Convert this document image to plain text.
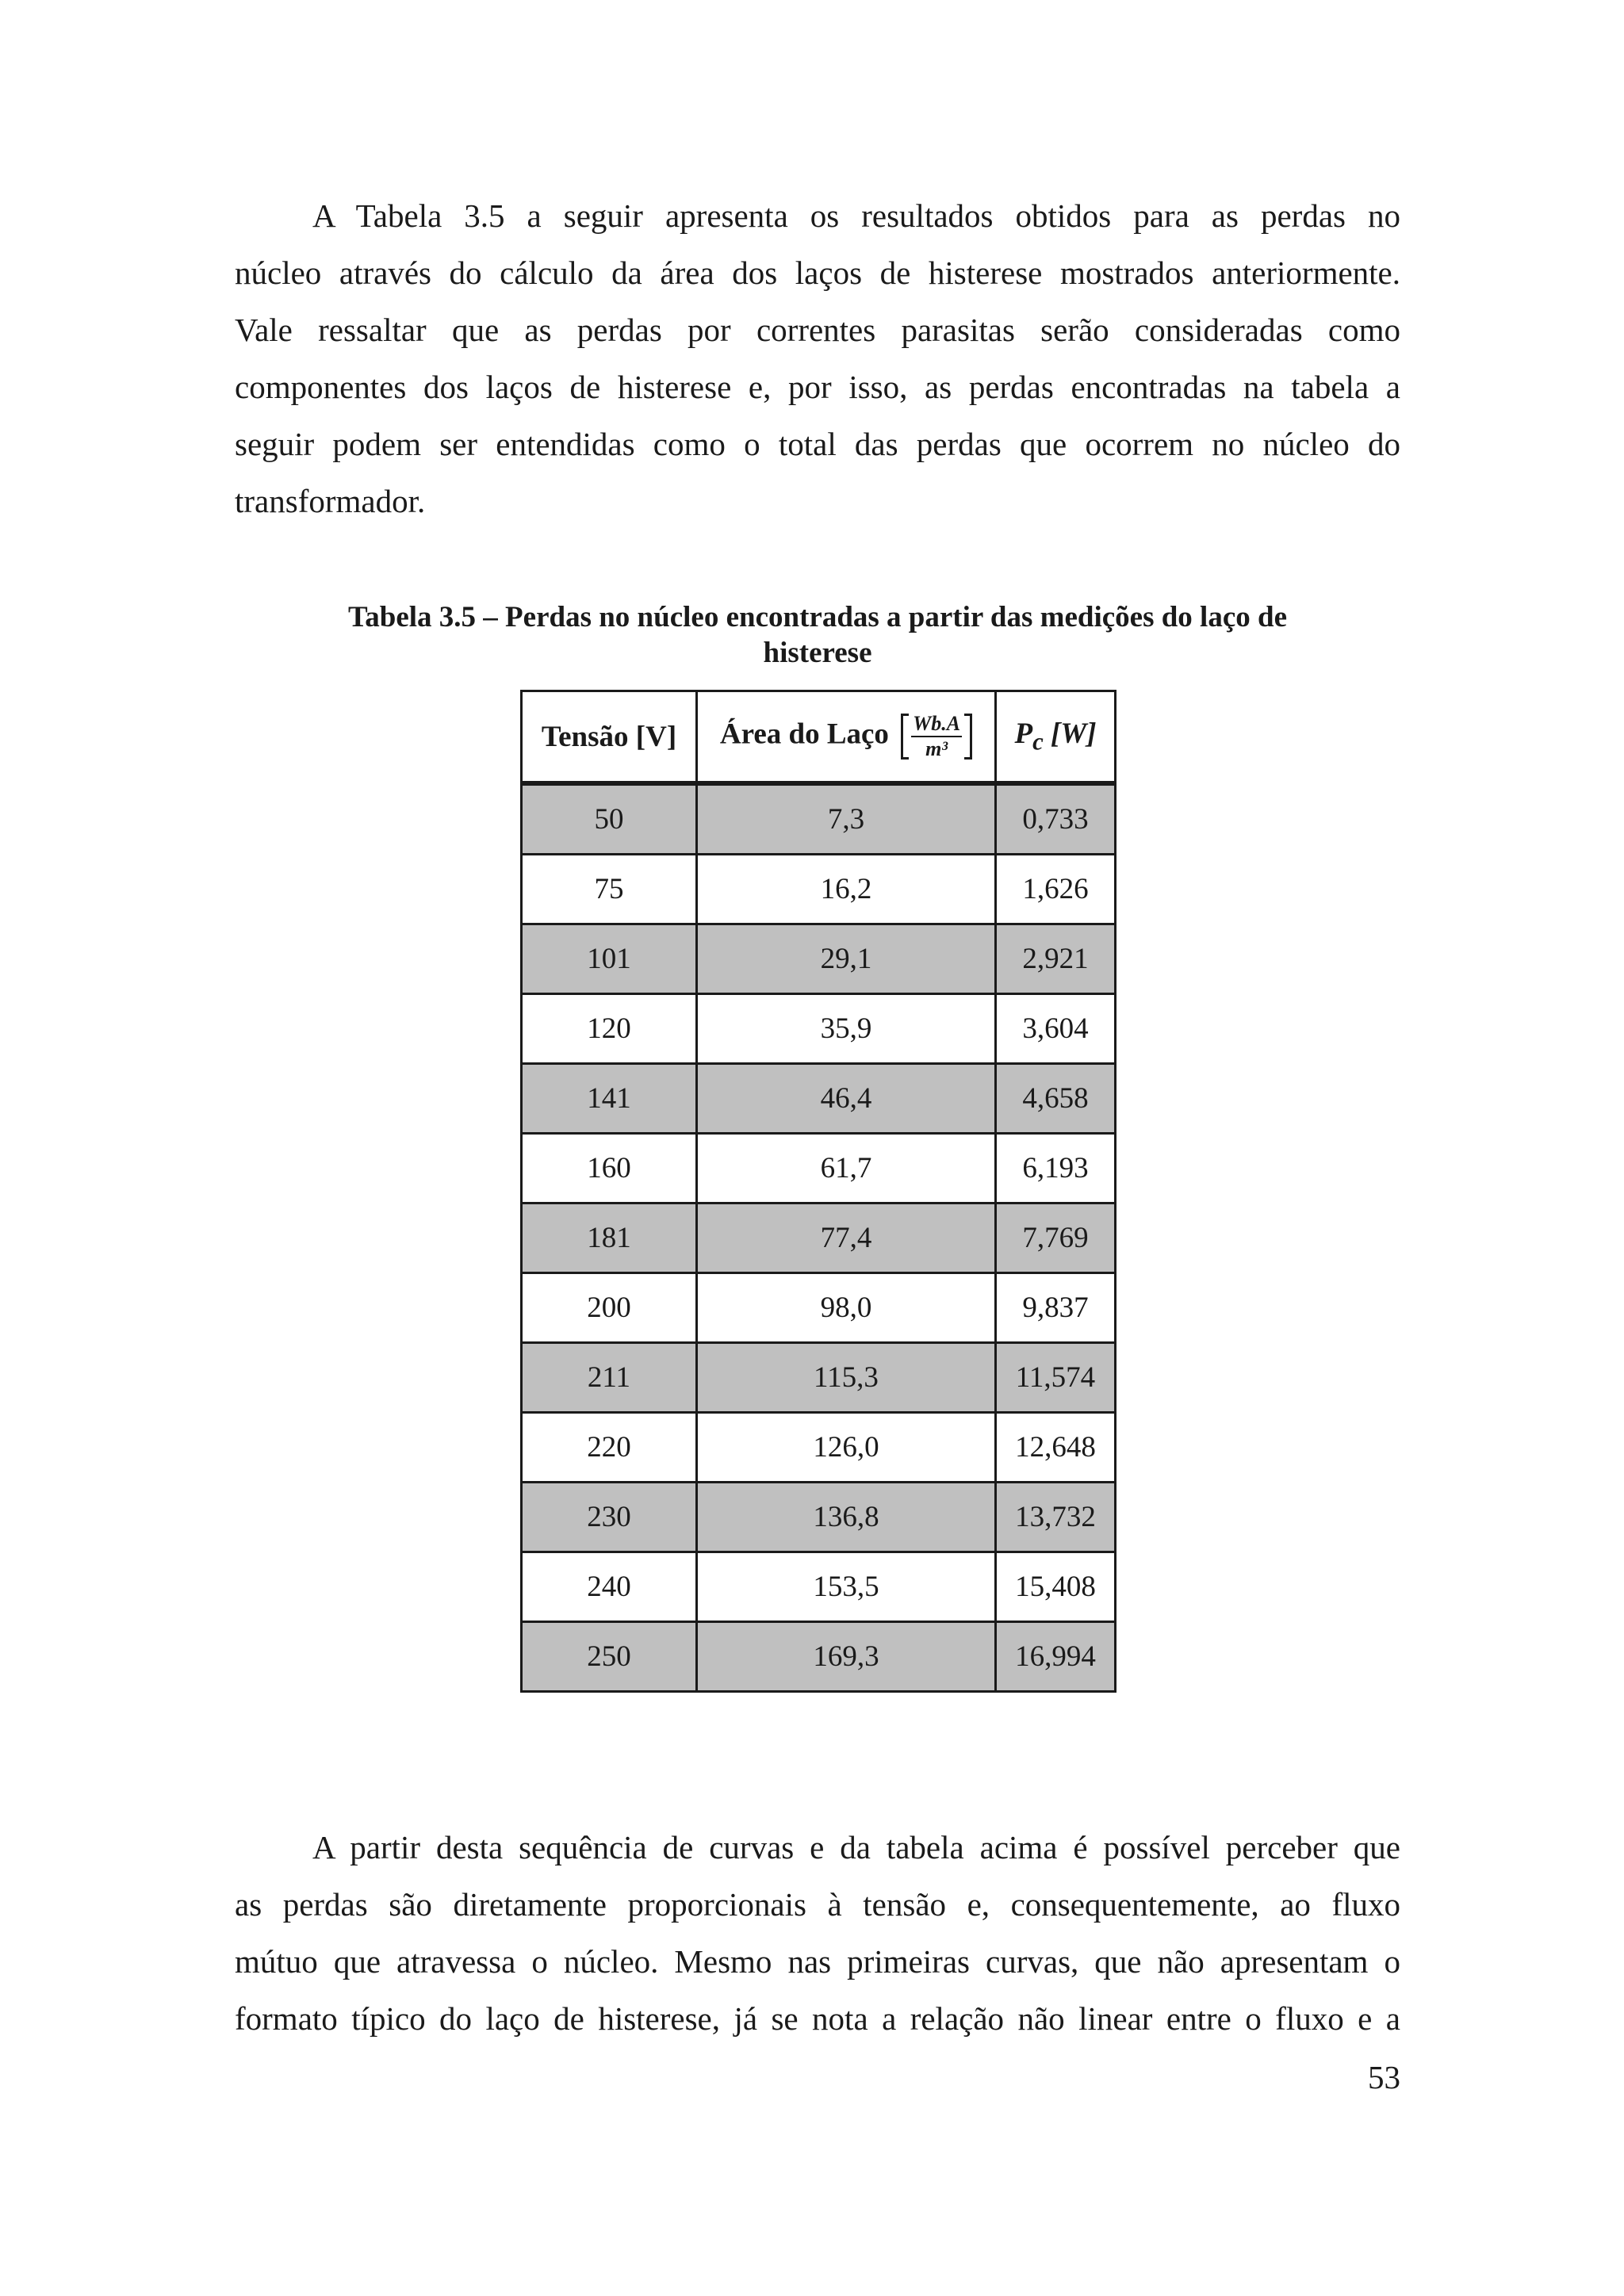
A Tabela 3.5 a seguir apresenta os resultados obtidos para as perdas no
núcleo através do cálculo da área dos laços de histerese mostrados anteriormente.
Vale ressaltar que as perdas por correntes parasitas serão consideradas como
componentes dos laços de histerese e, por isso, as perdas encontradas na tabela a
seguir podem ser entendidas como o total das perdas que ocorrem no núcleo do
transformador.
Tabela 3.5 – Perdas no núcleo encontradas a partir das medições do laço de
histerese
Tensão [V]	Área do Laço $\frac{Wb.A}{\text{m³}}$	$P_c$ [W]
50	7,3	0,733
75	16,2	1,626
101	29,1	2,921
120	35,9	3,604
141	46,4	4,658
160	61,7	6,193
181	77,4	7,769
200	98,0	9,837
211	115,3	11,574
220	126,0	12,648
230	136,8	13,732
240	153,5	15,408
250	169,3	16,994
A partir desta sequência de curvas e da tabela acima é possível perceber que
as perdas são diretamente proporcionais à tensão e, consequentemente, ao fluxo
mútuo que atravessa o núcleo. Mesmo nas primeiras curvas, que não apresentam o
formato típico do laço de histerese, já se nota a relação não linear entre o fluxo e a

53
